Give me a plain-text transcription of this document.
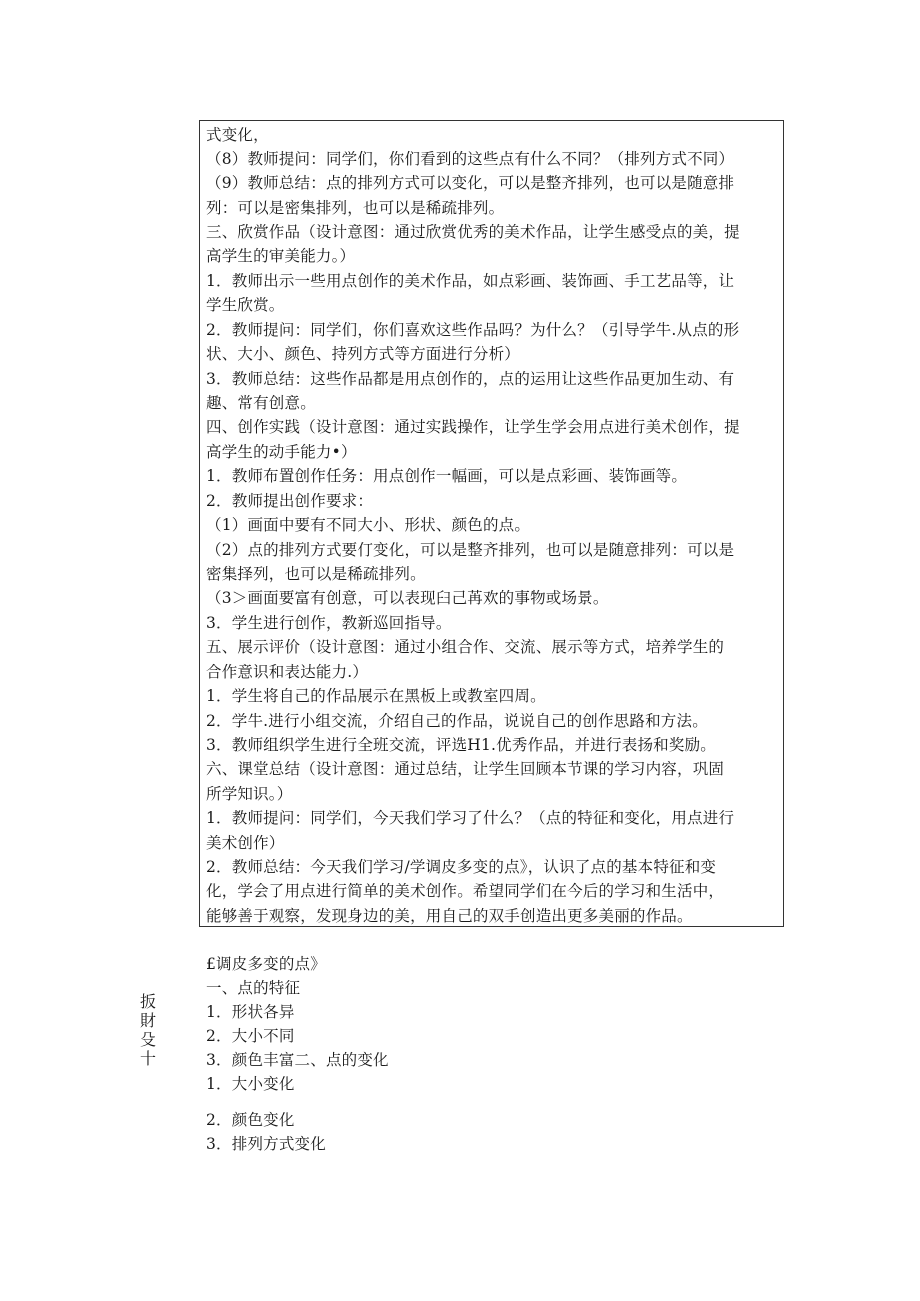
式变化，
（8）教师提问：同学们，你们看到的这些点有什么不同？（排列方式不同）
（9）教师总结：点的排列方式可以变化，可以是整齐排列，也可以是随意排
列：可以是密集排列，也可以是稀疏排列。
三、欣赏作品（设计意图：通过欣赏优秀的美术作品，让学生感受点的美，提
高学生的审美能力。）
1．教师出示一些用点创作的美术作品，如点彩画、装饰画、手工艺品等，让
学生欣赏。
2．教师提问：同学们，你们喜欢这些作品吗？为什么？（引导学牛.从点的形
状、大小、颜色、持列方式等方面进行分析）
3．教师总结：这些作品都是用点创作的，点的运用让这些作品更加生动、有
趣、常有创意。
四、创作实践（设计意图：通过实践操作，让学生学会用点进行美术创作，提
高学生的动手能力•）
1．教师布置创作任务：用点创作一幅画，可以是点彩画、装饰画等。
2．教师提出创作要求：
（1）画面中要有不同大小、形状、颜色的点。
（2）点的排列方式要仃变化，可以是整齐排列，也可以是随意排列：可以是
密集择列，也可以是稀疏排列。
（3＞画面要富有创意，可以表现臼己苒欢的事物或场景。
3．学生进行创作，教新巡回指导。
五、展示评价（设计意图：通过小组合作、交流、展示等方式，培养学生的
合作意识和表达能力.）
1．学生将自己的作品展示在黑板上或教室四周。
2．学牛.进行小组交流，介绍自己的作品，说说自己的创作思路和方法。
3．教师组织学生进行全班交流，评选H1.优秀作品，并进行表扬和奖励。
六、课堂总结（设计意图：通过总结，让学生回顾本节课的学习内容，巩固
所学知识。）
1．教师提问：同学们，今天我们学习了什么？（点的特征和变化，用点进行
美术创作）
2．教师总结：今天我们学习/学调皮多变的点》，认识了点的基本特征和变
化，学会了用点进行简单的美术创作。希望同学们在今后的学习和生活中，
能够善于观察，发现身边的美，用自己的双手创造出更多美丽的作品。
扳財殳十
£调皮多变的点》
一、点的特征
1．形状各异
2．大小不同
3．颜色丰富二、点的变化
1．大小变化
2．颜色变化
3．排列方式变化
